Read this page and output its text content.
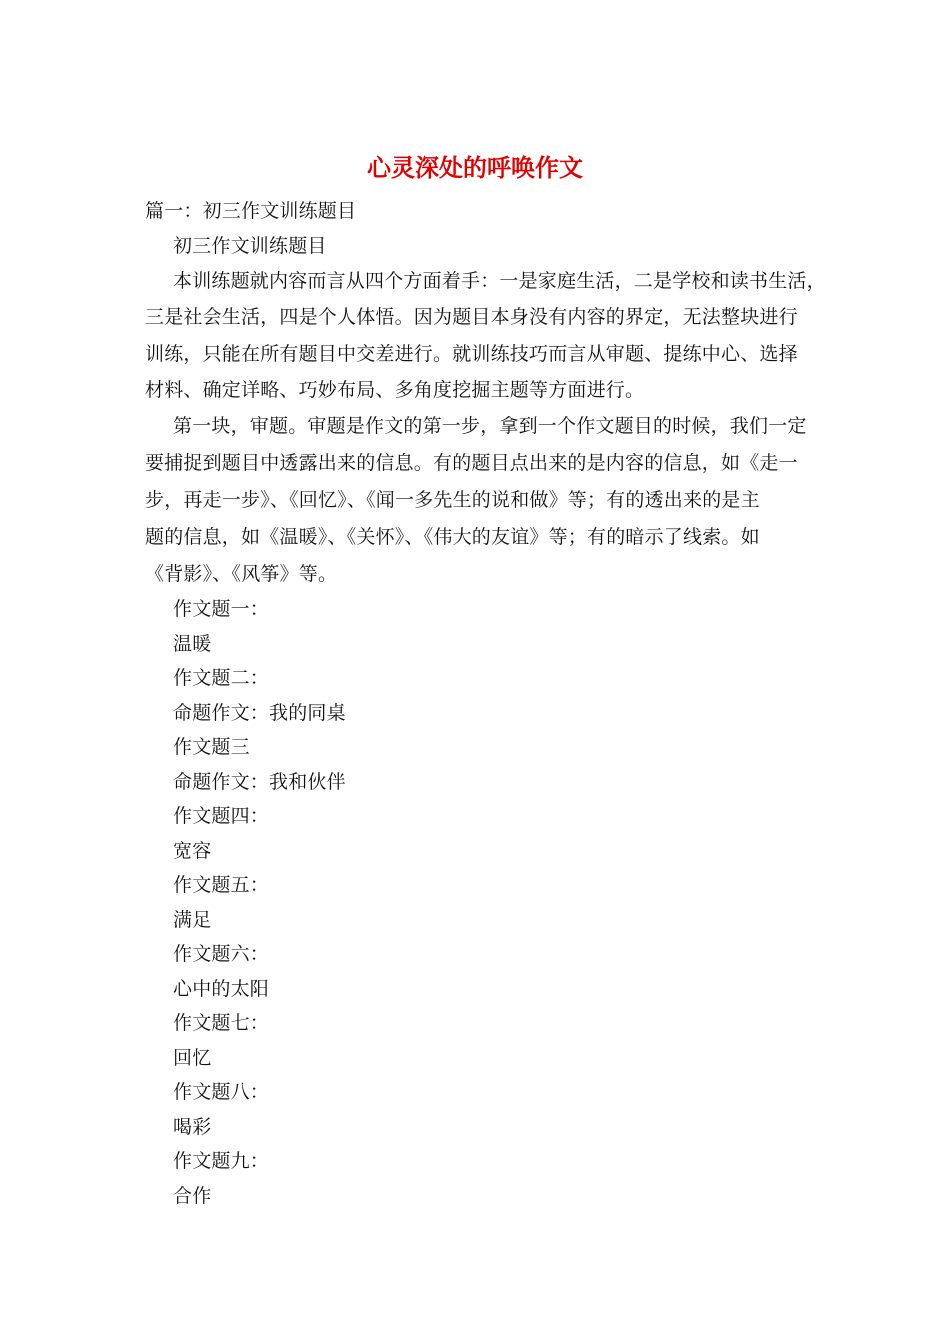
心灵深处的呼唤作文
篇一：初三作文训练题目
初三作文训练题目
本训练题就内容而言从四个方面着手：一是家庭生活，二是学校和读书生活，
三是社会生活，四是个人体悟。因为题目本身没有内容的界定，无法整块进行
训练，只能在所有题目中交差进行。就训练技巧而言从审题、提练中心、选择
材料、确定详略、巧妙布局、多角度挖掘主题等方面进行。
第一块，审题。审题是作文的第一步，拿到一个作文题目的时候，我们一定
要捕捉到题目中透露出来的信息。有的题目点出来的是内容的信息，如《走一
步，再走一步》、《回忆》、《闻一多先生的说和做》等；有的透出来的是主
题的信息，如《温暖》、《关怀》、《伟大的友谊》等；有的暗示了线索。如
《背影》、《风筝》等。
作文题一：
温暖
作文题二：
命题作文：我的同桌
作文题三
命题作文：我和伙伴
作文题四：
宽容
作文题五：
满足
作文题六：
心中的太阳
作文题七：
回忆
作文题八：
喝彩
作文题九：
合作
